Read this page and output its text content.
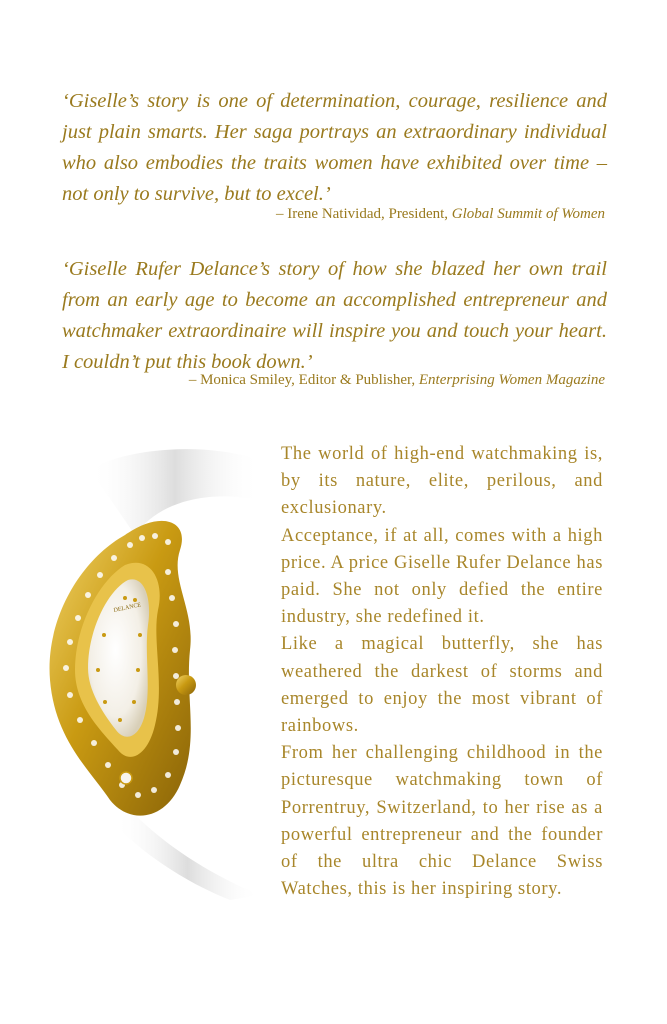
‘Giselle’s story is one of determination, courage, resilience and just plain smarts. Her saga portrays an extraordinary individual who also embodies the traits women have exhibited over time – not only to survive, but to excel.’

– Irene Natividad, President, Global Summit of Women

‘Giselle Rufer Delance’s story of how she blazed her own trail from an early age to become an accomplished entrepreneur and watchmaker extraordinaire will inspire you and touch your heart. I couldn’t put this book down.’

– Monica Smiley, Editor & Publisher, Enterprising Women Magazine

DELANCE

The world of high-end watchmaking is, by its nature, elite, perilous, and exclusionary.

Acceptance, if at all, comes with a high price. A price Giselle Rufer Delance has paid. She not only defied the entire industry, she redefined it.

Like a magical butterfly, she has weathered the darkest of storms and emerged to enjoy the most vibrant of rainbows.

From her challenging childhood in the picturesque watchmaking town of Porrentruy, Switzerland, to her rise as a powerful entrepreneur and the founder of the ultra chic Delance Swiss Watches, this is her inspiring story.
